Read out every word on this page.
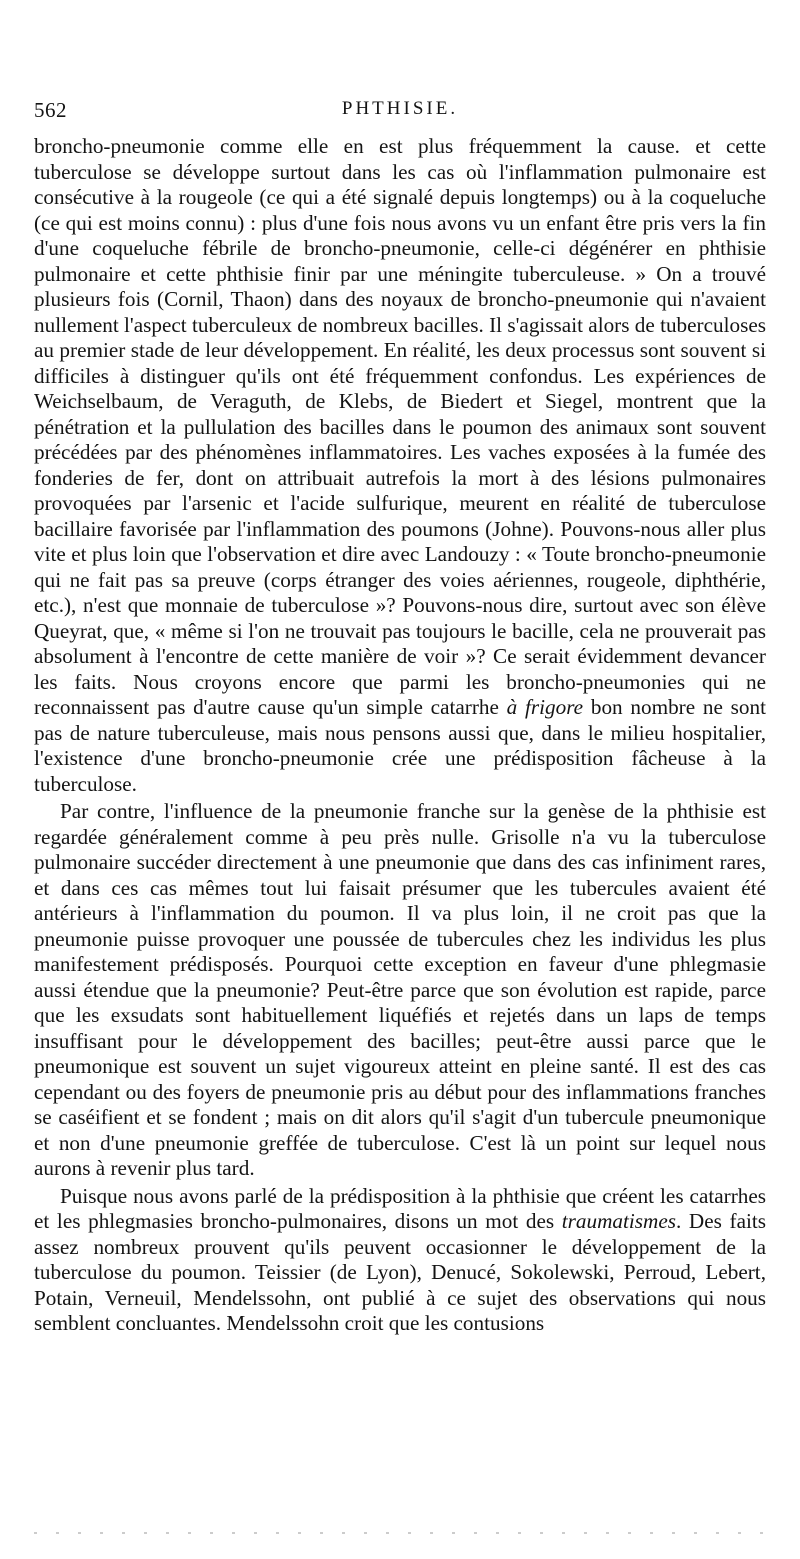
562	PHTHISIE.

broncho-pneumonie comme elle en est plus fréquemment la cause. et cette tuberculose se développe surtout dans les cas où l'inflammation pulmonaire est consécutive à la rougeole (ce qui a été signalé depuis longtemps) ou à la coqueluche (ce qui est moins connu) : plus d'une fois nous avons vu un enfant être pris vers la fin d'une coqueluche fébrile de broncho-pneumonie, celle-ci dégénérer en phthisie pulmonaire et cette phthisie finir par une méningite tuberculeuse. » On a trouvé plusieurs fois (Cornil, Thaon) dans des noyaux de broncho-pneumonie qui n'avaient nullement l'aspect tuberculeux de nombreux bacilles. Il s'agissait alors de tuberculoses au premier stade de leur développement. En réalité, les deux processus sont souvent si difficiles à distinguer qu'ils ont été fréquemment confondus. Les expériences de Weichselbaum, de Veraguth, de Klebs, de Biedert et Siegel, montrent que la pénétration et la pullulation des bacilles dans le poumon des animaux sont souvent précédées par des phénomènes inflammatoires. Les vaches exposées à la fumée des fonderies de fer, dont on attribuait autrefois la mort à des lésions pulmonaires provoquées par l'arsenic et l'acide sulfurique, meurent en réalité de tuberculose bacillaire favorisée par l'inflammation des poumons (Johne). Pouvons-nous aller plus vite et plus loin que l'observation et dire avec Landouzy : « Toute broncho-pneumonie qui ne fait pas sa preuve (corps étranger des voies aériennes, rougeole, diphthérie, etc.), n'est que monnaie de tuberculose »? Pouvons-nous dire, surtout avec son élève Queyrat, que, « même si l'on ne trouvait pas toujours le bacille, cela ne prouverait pas absolument à l'encontre de cette manière de voir »? Ce serait évidemment devancer les faits. Nous croyons encore que parmi les broncho-pneumonies qui ne reconnaissent pas d'autre cause qu'un simple catarrhe à frigore bon nombre ne sont pas de nature tuberculeuse, mais nous pensons aussi que, dans le milieu hospitalier, l'existence d'une broncho-pneumonie crée une prédisposition fâcheuse à la tuberculose.

Par contre, l'influence de la pneumonie franche sur la genèse de la phthisie est regardée généralement comme à peu près nulle. Grisolle n'a vu la tuberculose pulmonaire succéder directement à une pneumonie que dans des cas infiniment rares, et dans ces cas mêmes tout lui faisait présumer que les tubercules avaient été antérieurs à l'inflammation du poumon. Il va plus loin, il ne croit pas que la pneumonie puisse provoquer une poussée de tubercules chez les individus les plus manifestement prédisposés. Pourquoi cette exception en faveur d'une phlegmasie aussi étendue que la pneumonie? Peut-être parce que son évolution est rapide, parce que les exsudats sont habituellement liquéfiés et rejetés dans un laps de temps insuffisant pour le développement des bacilles; peut-être aussi parce que le pneumonique est souvent un sujet vigoureux atteint en pleine santé. Il est des cas cependant ou des foyers de pneumonie pris au début pour des inflammations franches se caséifient et se fondent ; mais on dit alors qu'il s'agit d'un tubercule pneumonique et non d'une pneumonie greffée de tuberculose. C'est là un point sur lequel nous aurons à revenir plus tard.

Puisque nous avons parlé de la prédisposition à la phthisie que créent les catarrhes et les phlegmasies broncho-pulmonaires, disons un mot des traumatismes. Des faits assez nombreux prouvent qu'ils peuvent occasionner le développement de la tuberculose du poumon. Teissier (de Lyon), Denucé, Sokolewski, Perroud, Lebert, Potain, Verneuil, Mendelssohn, ont publié à ce sujet des observations qui nous semblent concluantes. Mendelssohn croit que les contusions
